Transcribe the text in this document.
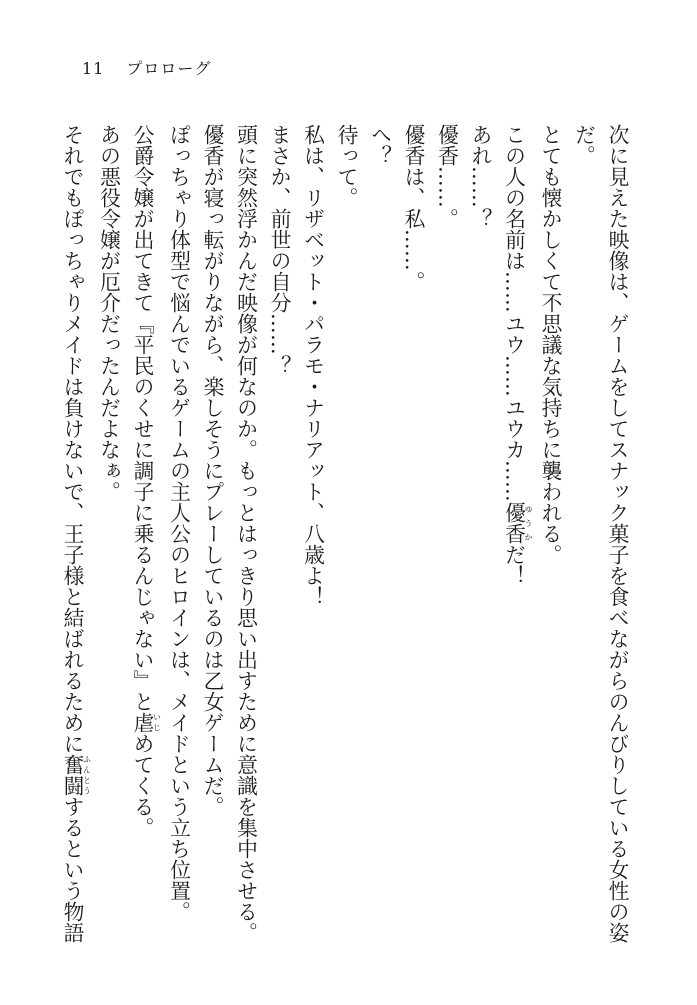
11 プロローグ
次に見えた映像は、ゲームをしてスナック菓子を食べながらのんびりしている女性の姿
だ。
とても懐かしくて不思議な気持ちに襲われる。
この人の名前は……ユウ……ユウカ……優香ゆうかだ！
あれ……？
優香……。
優香は、私……。
へ？
待って。
私は、リザベット・パラモ・ナリアット、八歳よ！
まさか、前世の自分……？
頭に突然浮かんだ映像が何なのか。もっとはっきり思い出すために意識を集中させる。
優香が寝っ転がりながら、楽しそうにプレーしているのは乙女ゲームだ。
ぽっちゃり体型で悩んでいるゲームの主人公のヒロインは、メイドという立ち位置。
公爵令嬢が出てきて『平民のくせに調子に乗るんじゃない』と虐いじめてくる。
あの悪役令嬢が厄介だったんだよなぁ。
それでもぽっちゃりメイドは負けないで、王子様と結ばれるために奮闘ふんとうするという物語
